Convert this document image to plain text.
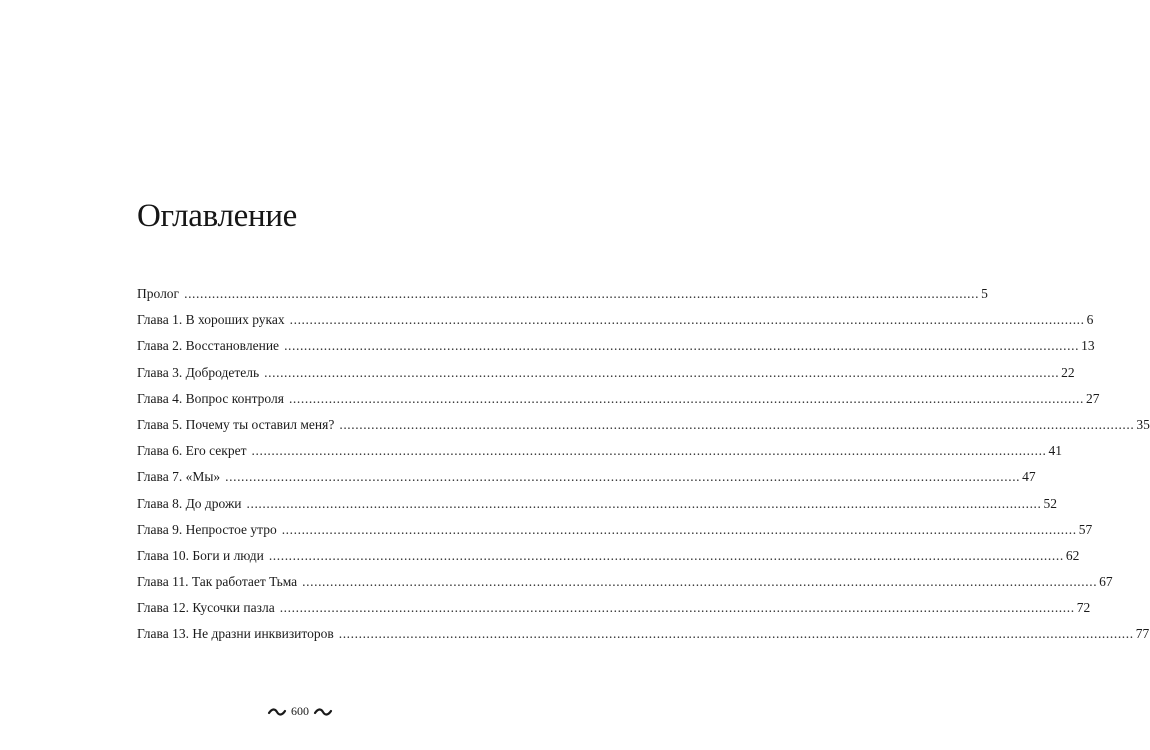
Оглавление
Пролог ........................................................................................................................................................................................................ 5
Глава 1. В хороших руках ........................................................................................................................................................................................................ 6
Глава 2. Восстановление ........................................................................................................................................................................................................ 13
Глава 3. Добродетель ........................................................................................................................................................................................................ 22
Глава 4. Вопрос контроля ........................................................................................................................................................................................................ 27
Глава 5. Почему ты оставил меня? ........................................................................................................................................................................................................ 35
Глава 6. Его секрет ........................................................................................................................................................................................................ 41
Глава 7. «Мы» ........................................................................................................................................................................................................ 47
Глава 8. До дрожи ........................................................................................................................................................................................................ 52
Глава 9. Непростое утро ........................................................................................................................................................................................................ 57
Глава 10. Боги и люди ........................................................................................................................................................................................................ 62
Глава 11. Так работает Тьма ........................................................................................................................................................................................................ 67
Глава 12. Кусочки пазла ........................................................................................................................................................................................................ 72
Глава 13. Не дразни инквизиторов ........................................................................................................................................................................................................ 77
600
